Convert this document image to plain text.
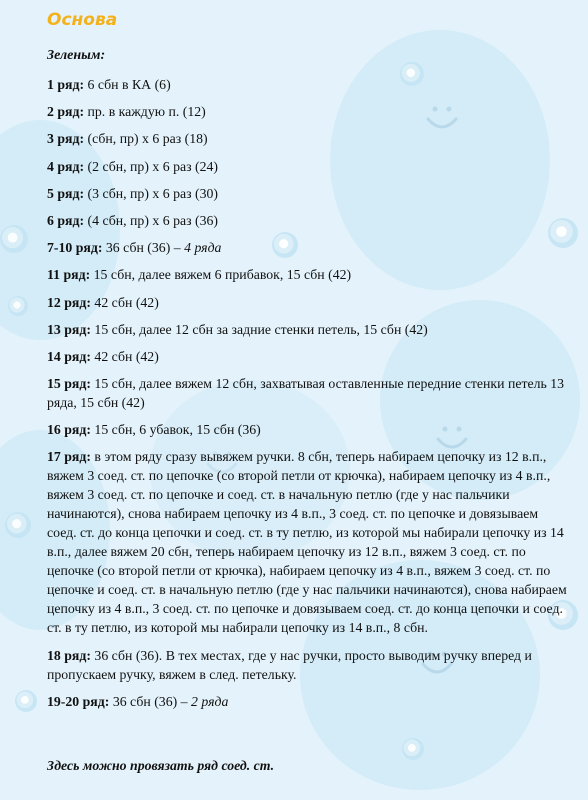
Основа
Зеленым:
1 ряд: 6 сбн в КА (6)
2 ряд: пр. в каждую п. (12)
3 ряд: (сбн, пр) х 6 раз (18)
4 ряд: (2 сбн, пр) х 6 раз (24)
5 ряд: (3 сбн, пр) х 6 раз (30)
6 ряд: (4 сбн, пр) х 6 раз (36)
7-10 ряд: 36 сбн (36) – 4 ряда
11 ряд: 15 сбн, далее вяжем 6 прибавок, 15 сбн (42)
12 ряд: 42 сбн (42)
13 ряд: 15 сбн, далее 12 сбн за задние стенки петель, 15 сбн (42)
14 ряд: 42 сбн (42)
15 ряд: 15 сбн, далее вяжем 12 сбн, захватывая оставленные передние стенки петель 13 ряда, 15 сбн (42)
16 ряд: 15 сбн, 6 убавок, 15 сбн (36)
17 ряд: в этом ряду сразу вывяжем ручки. 8 сбн, теперь набираем цепочку из 12 в.п., вяжем 3 соед. ст. по цепочке (со второй петли от крючка), набираем цепочку из 4 в.п., вяжем 3 соед. ст. по цепочке и соед. ст. в начальную петлю (где у нас пальчики начинаются), снова набираем цепочку из 4 в.п., 3 соед. ст. по цепочке и довязываем соед. ст. до конца цепочки и соед. ст. в ту петлю, из которой мы набирали цепочку из 14 в.п., далее вяжем 20 сбн, теперь набираем цепочку из 12 в.п., вяжем 3 соед. ст. по цепочке (со второй петли от крючка), набираем цепочку из 4 в.п., вяжем 3 соед. ст. по цепочке и соед. ст. в начальную петлю (где у нас пальчики начинаются), снова набираем цепочку из 4 в.п., 3 соед. ст. по цепочке и довязываем соед. ст. до конца цепочки и соед. ст. в ту петлю, из которой мы набирали цепочку из 14 в.п., 8 сбн.
18 ряд: 36 сбн (36). В тех местах, где у нас ручки, просто выводим ручку вперед и пропускаем ручку, вяжем в след. петельку.
19-20 ряд: 36 сбн (36) – 2 ряда
Здесь можно провязать ряд соед. ст.
